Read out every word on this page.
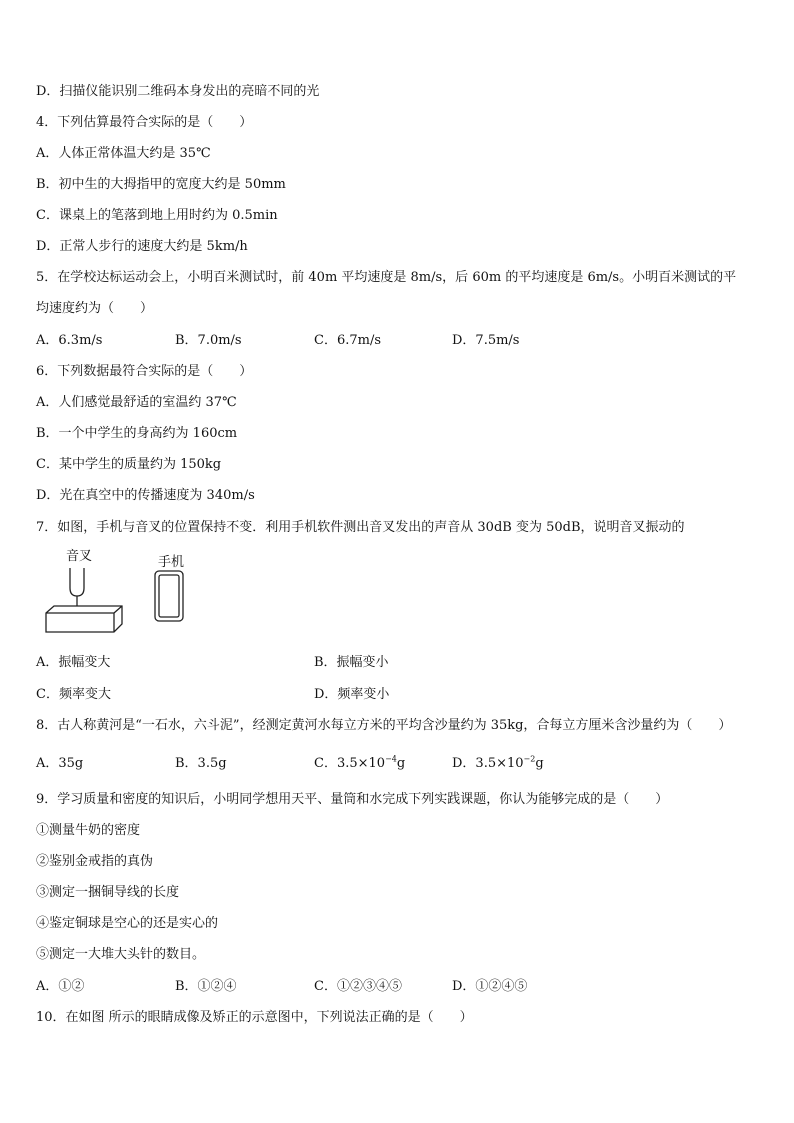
D．扫描仪能识别二维码本身发出的亮暗不同的光
4．下列估算最符合实际的是（　　）
A．人体正常体温大约是 35℃
B．初中生的大拇指甲的宽度大约是 50mm
C．课桌上的笔落到地上用时约为 0.5min
D．正常人步行的速度大约是 5km/h
5．在学校达标运动会上，小明百米测试时，前 40m 平均速度是 8m/s，后 60m 的平均速度是 6m/s。小明百米测试的平
均速度约为（　　）
A．6.3m/s	B．7.0m/s	C．6.7m/s	D．7.5m/s
6．下列数据最符合实际的是（　　）
A．人们感觉最舒适的室温约 37℃
B．一个中学生的身高约为 160cm
C．某中学生的质量约为 150kg
D．光在真空中的传播速度为 340m/s
7．如图，手机与音叉的位置保持不变．利用手机软件测出音叉发出的声音从 30dB 变为 50dB，说明音叉振动的
音叉	手机
A．振幅变大	B．振幅变小
C．频率变大	D．频率变小
8．古人称黄河是“一石水，六斗泥”，经测定黄河水每立方米的平均含沙量约为 35kg，合每立方厘米含沙量约为（　　）
A．35g	B．3.5g	C．$3.5\times 10^{-4}g$	D．$3.5\times 10^{-2}g$
9．学习质量和密度的知识后，小明同学想用天平、量筒和水完成下列实践课题，你认为能够完成的是（　　）
①测量牛奶的密度
②鉴别金戒指的真伪
③测定一捆铜导线的长度
④鉴定铜球是空心的还是实心的
⑤测定一大堆大头针的数目。
A．①②	B．①②④	C．①②③④⑤	D．①②④⑤
10．在如图 所示的眼睛成像及矫正的示意图中，下列说法正确的是（　　）
